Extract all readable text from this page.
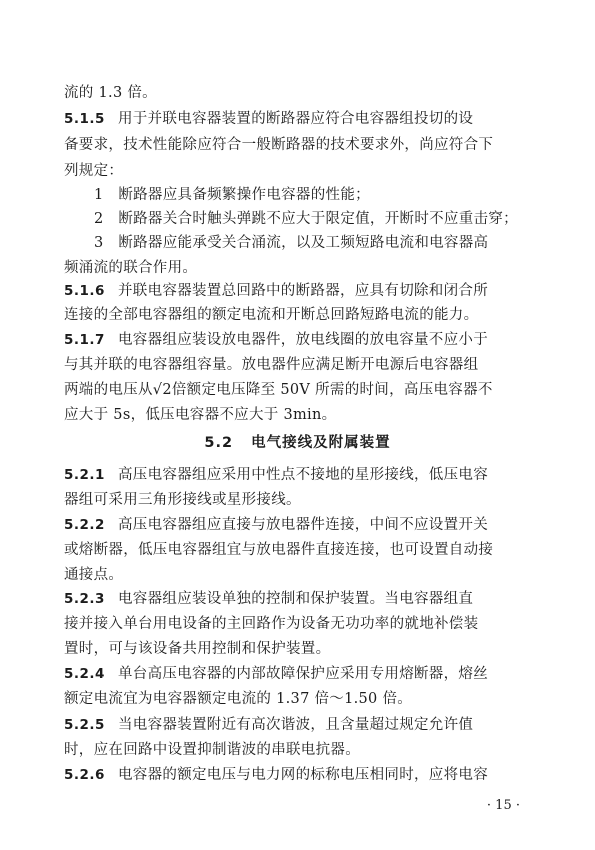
流的 1.3 倍。
5.1.5 用于并联电容器装置的断路器应符合电容器组投切的设
备要求，技术性能除应符合一般断路器的技术要求外，尚应符合下
列规定：
1　断路器应具备频繁操作电容器的性能；
2　断路器关合时触头弹跳不应大于限定值，开断时不应重击穿；
3　断路器应能承受关合涌流，以及工频短路电流和电容器高
频涌流的联合作用。
5.1.6 并联电容器装置总回路中的断路器，应具有切除和闭合所
连接的全部电容器组的额定电流和开断总回路短路电流的能力。
5.1.7 电容器组应装设放电器件，放电线圈的放电容量不应小于
与其并联的电容器组容量。放电器件应满足断开电源后电容器组
两端的电压从√2倍额定电压降至 50V 所需的时间，高压电容器不
应大于 5s，低压电容器不应大于 3min。
5.2 电气接线及附属装置
5.2.1 高压电容器组应采用中性点不接地的星形接线，低压电容
器组可采用三角形接线或星形接线。
5.2.2 高压电容器组应直接与放电器件连接，中间不应设置开关
或熔断器，低压电容器组宜与放电器件直接连接，也可设置自动接
通接点。
5.2.3 电容器组应装设单独的控制和保护装置。当电容器组直
接并接入单台用电设备的主回路作为设备无功功率的就地补偿装
置时，可与该设备共用控制和保护装置。
5.2.4 单台高压电容器的内部故障保护应采用专用熔断器，熔丝
额定电流宜为电容器额定电流的 1.37 倍～1.50 倍。
5.2.5 当电容器装置附近有高次谐波，且含量超过规定允许值
时，应在回路中设置抑制谐波的串联电抗器。
5.2.6 电容器的额定电压与电力网的标称电压相同时，应将电容
· 15 ·
